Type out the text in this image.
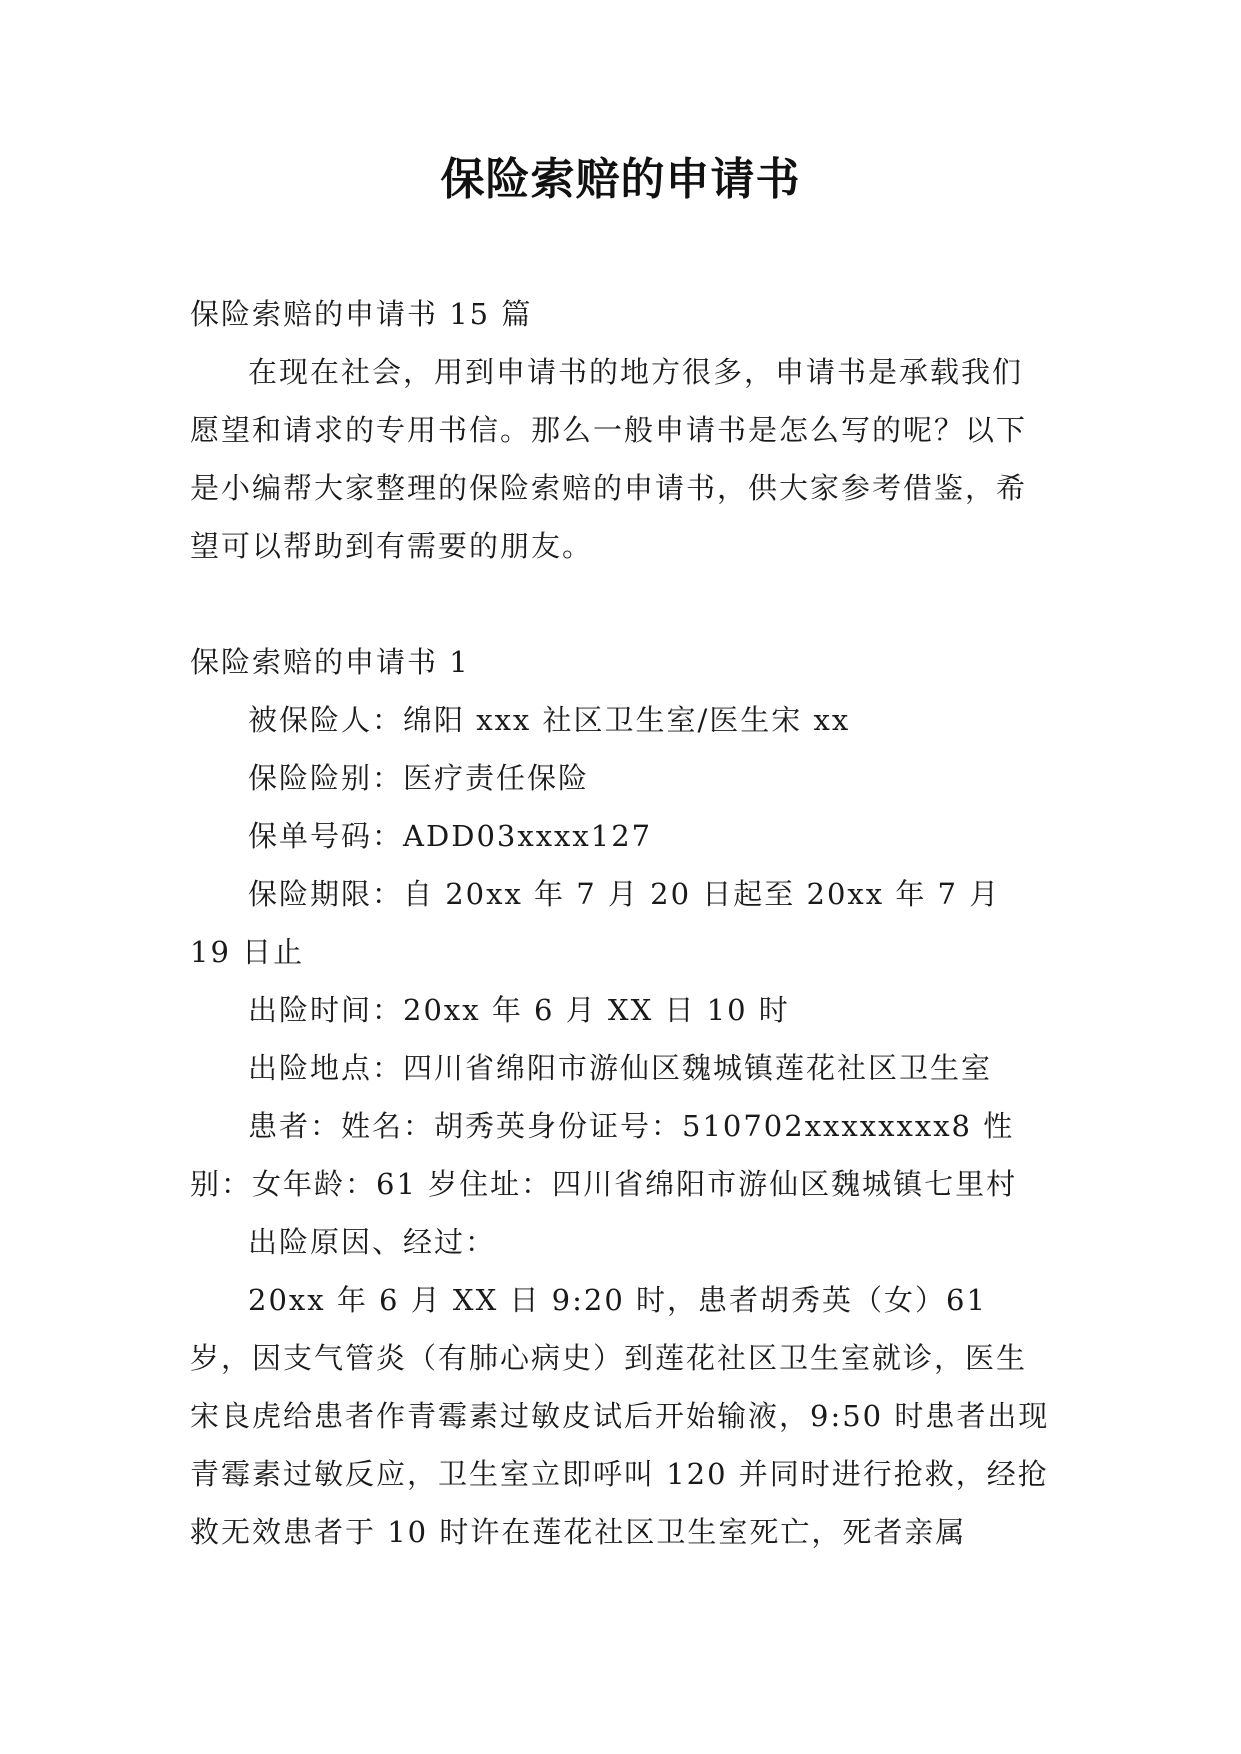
保险索赔的申请书

保险索赔的申请书 15 篇

在现在社会，用到申请书的地方很多，申请书是承载我们愿望和请求的专用书信。那么一般申请书是怎么写的呢？以下是小编帮大家整理的保险索赔的申请书，供大家参考借鉴，希望可以帮助到有需要的朋友。

保险索赔的申请书 1

被保险人：绵阳 xxx 社区卫生室/医生宋 xx

保险险别：医疗责任保险

保单号码：ADD03xxxx127

保险期限：自 20xx 年 7 月 20 日起至 20xx 年 7 月 19 日止

出险时间：20xx 年 6 月 XX 日 10 时

出险地点：四川省绵阳市游仙区魏城镇莲花社区卫生室

患者：姓名：胡秀英身份证号：510702xxxxxxxx8 性别：女年龄：61 岁住址：四川省绵阳市游仙区魏城镇七里村

出险原因、经过：

20xx 年 6 月 XX 日 9:20 时，患者胡秀英（女）61 岁，因支气管炎（有肺心病史）到莲花社区卫生室就诊，医生宋良虎给患者作青霉素过敏皮试后开始输液，9:50 时患者出现青霉素过敏反应，卫生室立即呼叫 120 并同时进行抢救，经抢救无效患者于 10 时许在莲花社区卫生室死亡，死者亲属
